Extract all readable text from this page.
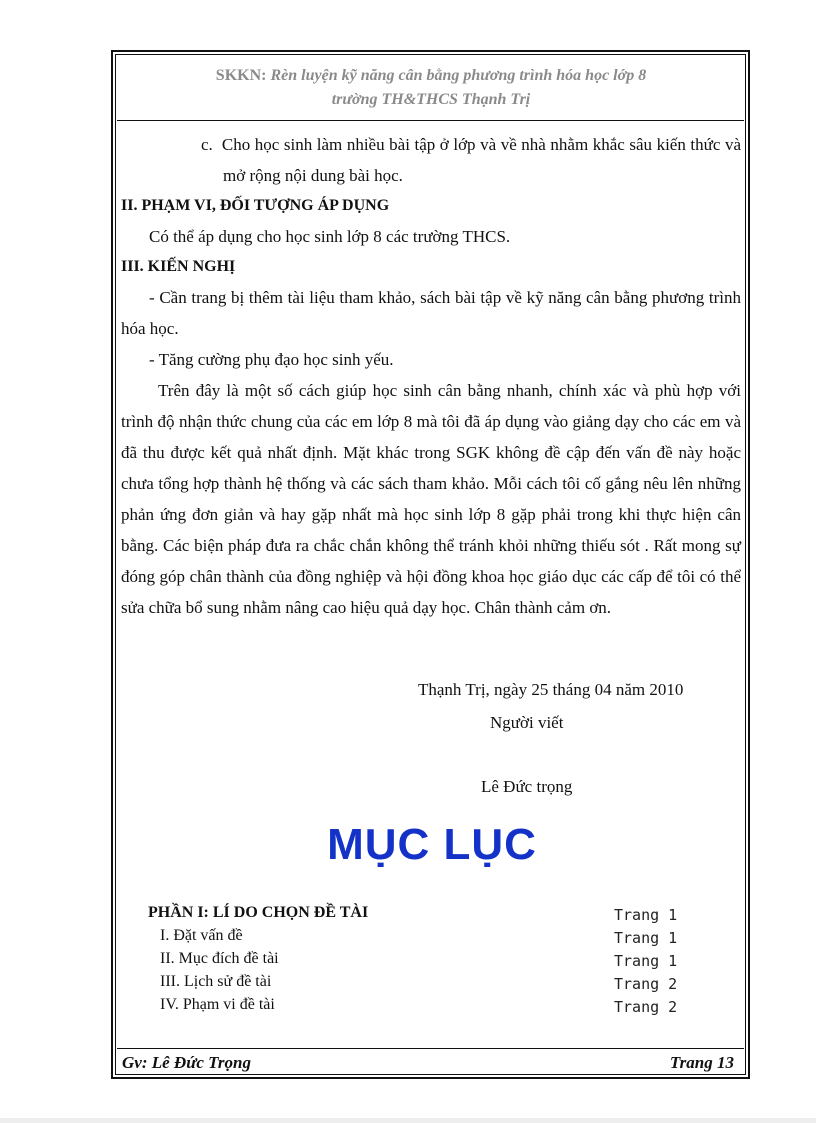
SKKN: Rèn luyện kỹ năng cân bằng phương trình hóa học lớp 8
trường TH&THCS Thạnh Trị

c. Cho học sinh làm nhiều bài tập ở lớp và về nhà nhằm khắc sâu kiến thức và mở rộng nội dung bài học.

II. PHẠM VI, ĐỐI TƯỢNG ÁP DỤNG

Có thể áp dụng cho học sinh lớp 8 các trường THCS.

III. KIẾN NGHỊ

- Cần trang bị thêm tài liệu tham khảo, sách bài tập về kỹ năng cân bằng phương trình hóa học.

- Tăng cường phụ đạo học sinh yếu.

Trên đây là một số cách giúp học sinh cân bằng nhanh, chính xác và phù hợp với trình độ nhận thức chung của các em lớp 8 mà tôi đã áp dụng vào giảng dạy cho các em và đã thu được kết quả nhất định. Mặt khác trong SGK không đề cập đến vấn đề này hoặc chưa tổng hợp thành hệ thống và các sách tham khảo. Mỗi cách tôi cố gắng nêu lên những phản ứng đơn giản và hay gặp nhất mà học sinh lớp 8 gặp phải trong khi thực hiện cân bằng. Các biện pháp đưa ra chắc chắn không thể tránh khỏi những thiếu sót . Rất mong sự đóng góp chân thành của đồng nghiệp và hội đồng khoa học giáo dục các cấp để tôi có thể sửa chữa bổ sung nhằm nâng cao hiệu quả dạy học. Chân thành cảm ơn.

Thạnh Trị, ngày 25 tháng 04 năm 2010
Người viết
Lê Đức trọng
MỤC LỤC
PHẦN I: LÍ DO CHỌN ĐỀ TÀI	Trang 1
I. Đặt vấn đề	Trang 1
II. Mục đích đề tài	Trang 1
III. Lịch sử đề tài	Trang 2
IV. Phạm vi đề tài	Trang 2
Gv: Lê Đức Trọng	Trang 13
